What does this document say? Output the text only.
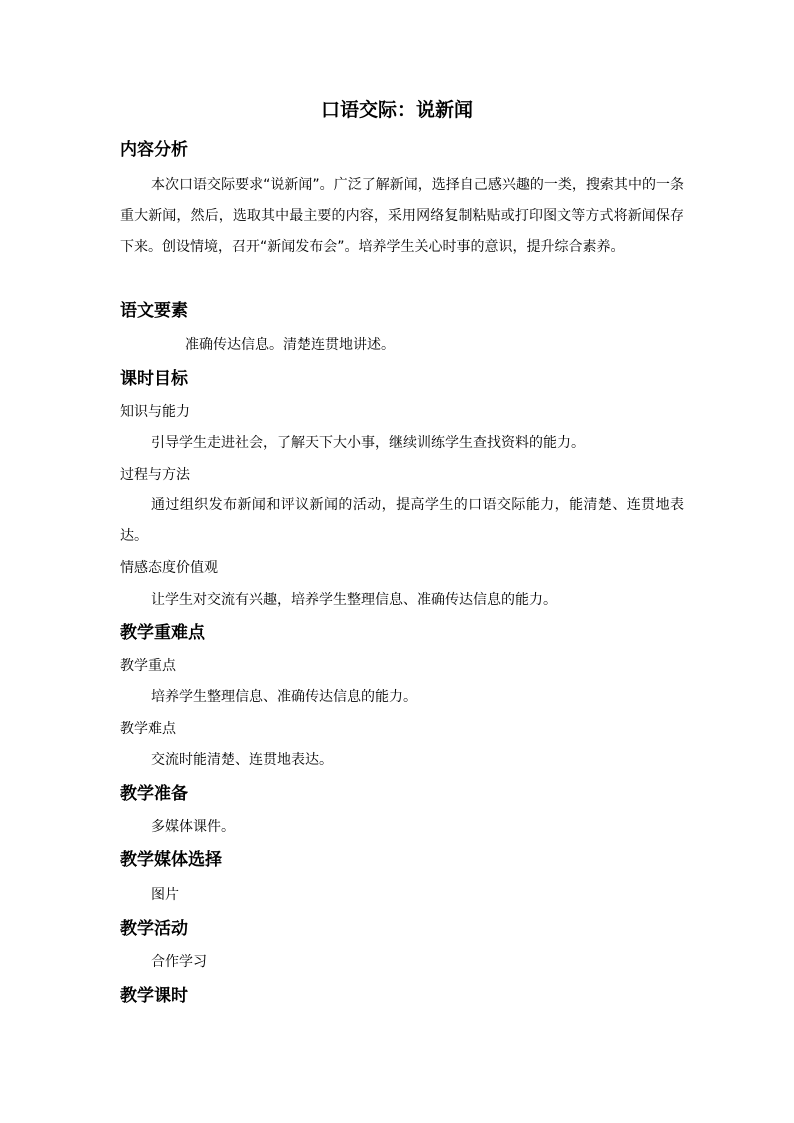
口语交际：说新闻
内容分析
本次口语交际要求“说新闻”。广泛了解新闻，选择自己感兴趣的一类，搜索其中的一条重大新闻，然后，选取其中最主要的内容，采用网络复制粘贴或打印图文等方式将新闻保存下来。创设情境，召开“新闻发布会”。培养学生关心时事的意识，提升综合素养。
语文要素
准确传达信息。清楚连贯地讲述。
课时目标
知识与能力
引导学生走进社会，了解天下大小事，继续训练学生查找资料的能力。
过程与方法
通过组织发布新闻和评议新闻的活动，提高学生的口语交际能力，能清楚、连贯地表达。
情感态度价值观
让学生对交流有兴趣，培养学生整理信息、准确传达信息的能力。
教学重难点
教学重点
培养学生整理信息、准确传达信息的能力。
教学难点
交流时能清楚、连贯地表达。
教学准备
多媒体课件。
教学媒体选择
图片
教学活动
合作学习
教学课时
